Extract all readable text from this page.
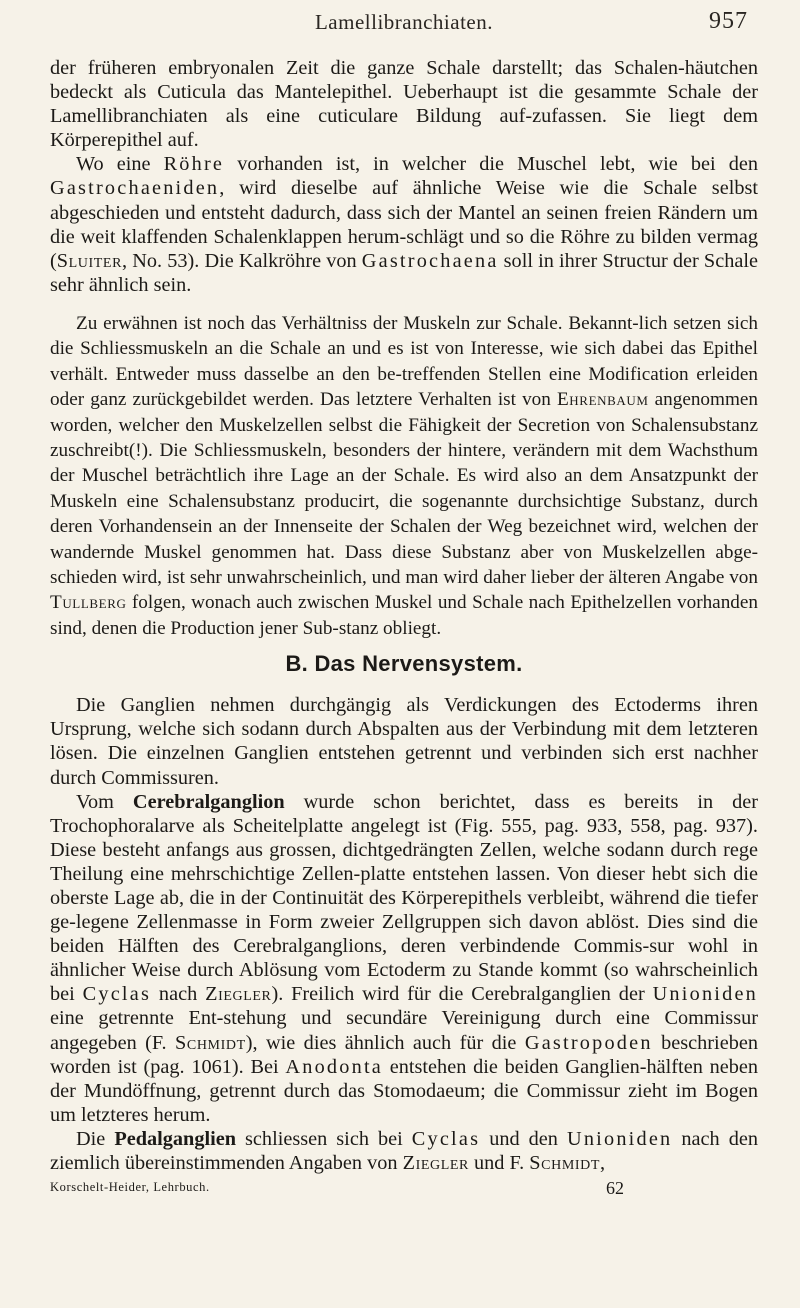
Lamellibranchiaten.	957

der früheren embryonalen Zeit die ganze Schale darstellt; das Schalen-häutchen bedeckt als Cuticula das Mantelepithel. Ueberhaupt ist die gesammte Schale der Lamellibranchiaten als eine cuticulare Bildung auf-zufassen. Sie liegt dem Körperepithel auf.

Wo eine Röhre vorhanden ist, in welcher die Muschel lebt, wie bei den Gastrochaeniden, wird dieselbe auf ähnliche Weise wie die Schale selbst abgeschieden und entsteht dadurch, dass sich der Mantel an seinen freien Rändern um die weit klaffenden Schalenklappen herum-schlägt und so die Röhre zu bilden vermag (Sluiter, No. 53). Die Kalkröhre von Gastrochaena soll in ihrer Structur der Schale sehr ähnlich sein.

Zu erwähnen ist noch das Verhältniss der Muskeln zur Schale. Bekannt-lich setzen sich die Schliessmuskeln an die Schale an und es ist von Interesse, wie sich dabei das Epithel verhält. Entweder muss dasselbe an den be-treffenden Stellen eine Modification erleiden oder ganz zurückgebildet werden. Das letztere Verhalten ist von Ehrenbaum angenommen worden, welcher den Muskelzellen selbst die Fähigkeit der Secretion von Schalensubstanz zuschreibt(!). Die Schliessmuskeln, besonders der hintere, verändern mit dem Wachsthum der Muschel beträchtlich ihre Lage an der Schale. Es wird also an dem Ansatzpunkt der Muskeln eine Schalensubstanz producirt, die sogenannte durchsichtige Substanz, durch deren Vorhandensein an der Innenseite der Schalen der Weg bezeichnet wird, welchen der wandernde Muskel genommen hat. Dass diese Substanz aber von Muskelzellen abge-schieden wird, ist sehr unwahrscheinlich, und man wird daher lieber der älteren Angabe von Tullberg folgen, wonach auch zwischen Muskel und Schale nach Epithelzellen vorhanden sind, denen die Production jener Sub-stanz obliegt.

B. Das Nervensystem.

Die Ganglien nehmen durchgängig als Verdickungen des Ectoderms ihren Ursprung, welche sich sodann durch Abspalten aus der Verbindung mit dem letzteren lösen. Die einzelnen Ganglien entstehen getrennt und verbinden sich erst nachher durch Commissuren.

Vom Cerebralganglion wurde schon berichtet, dass es bereits in der Trochophoralarve als Scheitelplatte angelegt ist (Fig. 555, pag. 933, 558, pag. 937). Diese besteht anfangs aus grossen, dichtgedrängten Zellen, welche sodann durch rege Theilung eine mehrschichtige Zellen-platte entstehen lassen. Von dieser hebt sich die oberste Lage ab, die in der Continuität des Körperepithels verbleibt, während die tiefer ge-legene Zellenmasse in Form zweier Zellgruppen sich davon ablöst. Dies sind die beiden Hälften des Cerebralganglions, deren verbindende Commis-sur wohl in ähnlicher Weise durch Ablösung vom Ectoderm zu Stande kommt (so wahrscheinlich bei Cyclas nach Ziegler). Freilich wird für die Cerebralganglien der Unioniden eine getrennte Ent-stehung und secundäre Vereinigung durch eine Commissur angegeben (F. Schmidt), wie dies ähnlich auch für die Gastropoden beschrieben worden ist (pag. 1061). Bei Anodonta entstehen die beiden Ganglien-hälften neben der Mundöffnung, getrennt durch das Stomodaeum; die Commissur zieht im Bogen um letzteres herum.

Die Pedalganglien schliessen sich bei Cyclas und den Unioniden nach den ziemlich übereinstimmenden Angaben von Ziegler und F. Schmidt,

Korschelt-Heider, Lehrbuch.	62
